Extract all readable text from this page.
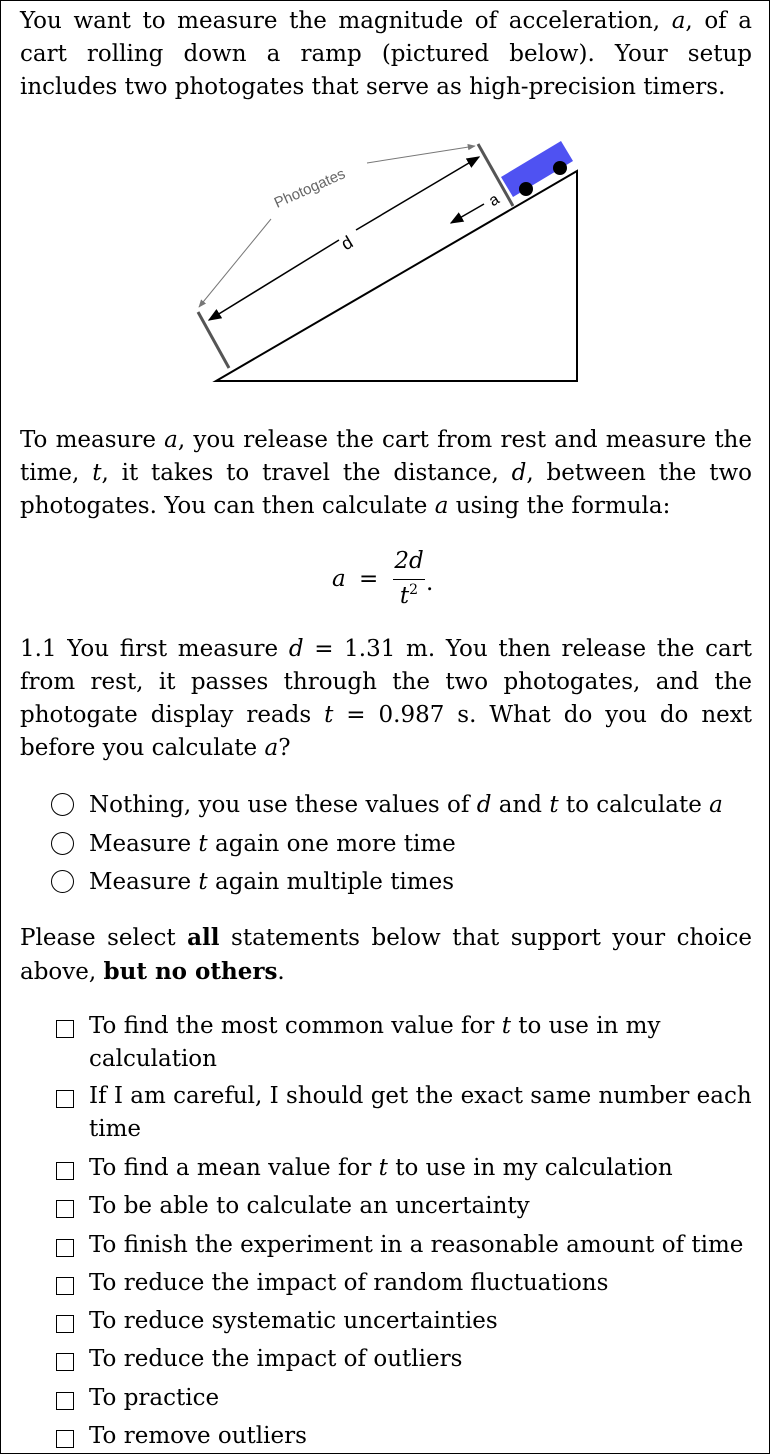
You want to measure the magnitude of acceleration, a, of a cart rolling down a ramp (pictured below). Your setup includes two photogates that serve as high-precision timers.
d
a
Photogates
To measure a, you release the cart from rest and measure the time, t, it takes to travel the distance, d, between the two photogates. You can then calculate a using the formula:
a =
2d
$t^2$ .
1.1 You first measure d = 1.31 m. You then release the cart from rest, it passes through the two photogates, and the photogate display reads t = 0.987 s. What do you do next before you calculate a?
Nothing, you use these values of d and t to calculate a
Measure t again one more time
Measure t again multiple times
Please select all statements below that support your choice above, but no others.
To find the most common value for t to use in my calculation
If I am careful, I should get the exact same number each time
To find a mean value for t to use in my calculation
To be able to calculate an uncertainty
To finish the experiment in a reasonable amount of time
To reduce the impact of random fluctuations
To reduce systematic uncertainties
To reduce the impact of outliers
To practice
To remove outliers
